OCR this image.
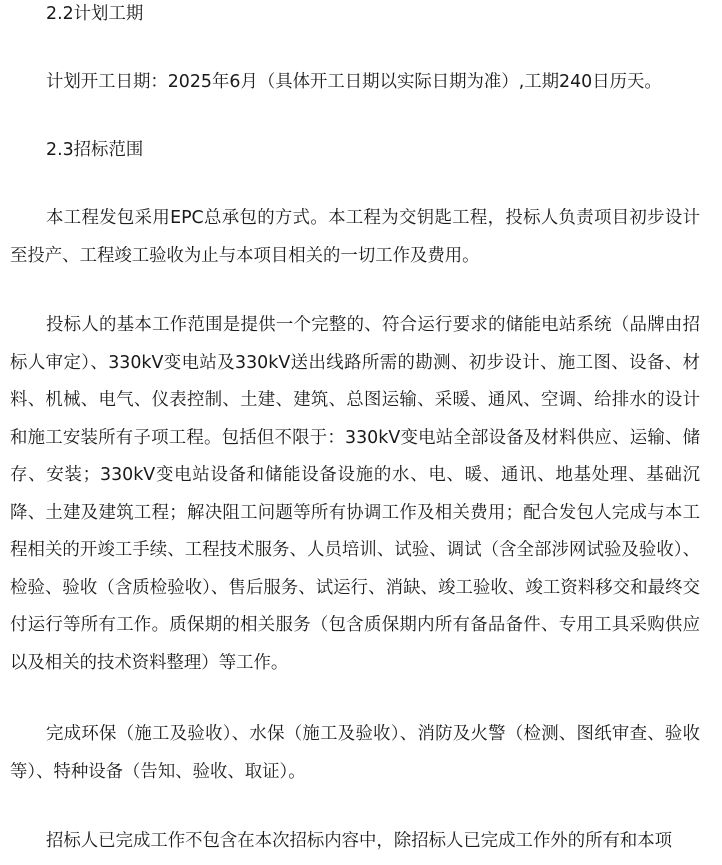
2.2计划工期

计划开工日期：2025年6月（具体开工日期以实际日期为准）,工期240日历天。

2.3招标范围

本工程发包采用EPC总承包的方式。本工程为交钥匙工程，投标人负责项目初步设计至投产、工程竣工验收为止与本项目相关的一切工作及费用。

投标人的基本工作范围是提供一个完整的、符合运行要求的储能电站系统（品牌由招标人审定）、330kV变电站及330kV送出线路所需的勘测、初步设计、施工图、设备、材料、机械、电气、仪表控制、土建、建筑、总图运输、采暖、通风、空调、给排水的设计和施工安装所有子项工程。包括但不限于：330kV变电站全部设备及材料供应、运输、储存、安装；330kV变电站设备和储能设备设施的水、电、暖、通讯、地基处理、基础沉降、土建及建筑工程；解决阻工问题等所有协调工作及相关费用；配合发包人完成与本工程相关的开竣工手续、工程技术服务、人员培训、试验、调试（含全部涉网试验及验收）、检验、验收（含质检验收）、售后服务、试运行、消缺、竣工验收、竣工资料移交和最终交付运行等所有工作。质保期的相关服务（包含质保期内所有备品备件、专用工具采购供应以及相关的技术资料整理）等工作。

完成环保（施工及验收）、水保（施工及验收）、消防及火警（检测、图纸审查、验收等）、特种设备（告知、验收、取证）。

招标人已完成工作不包含在本次招标内容中，除招标人已完成工作外的所有和本项
